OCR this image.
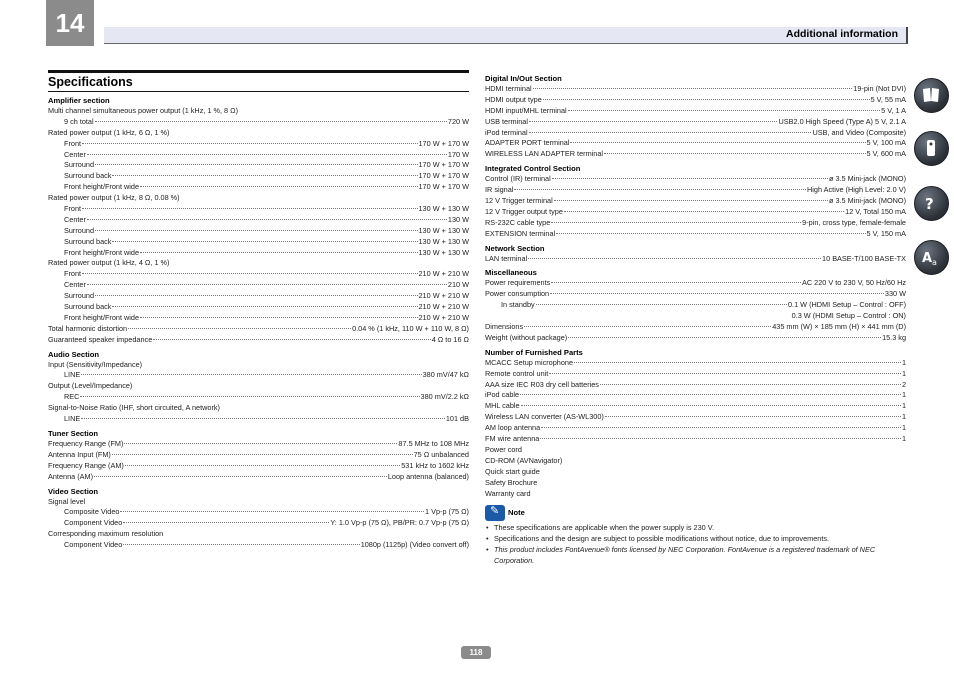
14	Additional information
Specifications
Amplifier section
Multi channel simultaneous power output (1 kHz, 1 %, 8 Ω)
9 ch total	720 W
Rated power output (1 kHz, 6 Ω, 1 %)
Front	170 W + 170 W
Center	170 W
Surround	170 W + 170 W
Surround back	170 W + 170 W
Front height/Front wide	170 W + 170 W
Rated power output (1 kHz, 8 Ω, 0.08 %)
Front	130 W + 130 W
Center	130 W
Surround	130 W + 130 W
Surround back	130 W + 130 W
Front height/Front wide	130 W + 130 W
Rated power output (1 kHz, 4 Ω, 1 %)
Front	210 W + 210 W
Center	210 W
Surround	210 W + 210 W
Surround back	210 W + 210 W
Front height/Front wide	210 W + 210 W
Total harmonic distortion	0.04 % (1 kHz, 110 W + 110 W, 8 Ω)
Guaranteed speaker impedance	4 Ω to 16 Ω
Audio Section
Input (Sensitivity/Impedance)
LINE	380 mV/47 kΩ
Output (Level/Impedance)
REC	380 mV/2.2 kΩ
Signal-to-Noise Ratio (IHF, short circuited, A network)
LINE	101 dB
Tuner Section
Frequency Range (FM)	87.5 MHz to 108 MHz
Antenna Input (FM)	75 Ω unbalanced
Frequency Range (AM)	531 kHz to 1602 kHz
Antenna (AM)	Loop antenna (balanced)
Video Section
Signal level
Composite Video	1 Vp-p (75 Ω)
Component Video	Y: 1.0 Vp-p (75 Ω), PB/PR: 0.7 Vp-p (75 Ω)
Corresponding maximum resolution
Component Video	1080p (1125p) (Video convert off)
Digital In/Out Section
HDMI terminal	19-pin (Not DVI)
HDMI output type	5 V, 55 mA
HDMI input/MHL terminal	5 V, 1 A
USB terminal	USB2.0 High Speed (Type A) 5 V, 2.1 A
iPod terminal	USB, and Video (Composite)
ADAPTER PORT terminal	5 V, 100 mA
WIRELESS LAN ADAPTER terminal	5 V, 600 mA
Integrated Control Section
Control (IR) terminal	ø 3.5 Mini-jack (MONO)
IR signal	High Active (High Level: 2.0 V)
12 V Trigger terminal	ø 3.5 Mini-jack (MONO)
12 V Trigger output type	12 V, Total 150 mA
RS-232C cable type	9-pin, cross type, female-female
EXTENSION terminal	5 V, 150 mA
Network Section
LAN terminal	10 BASE-T/100 BASE-TX
Miscellaneous
Power requirements	AC 220 V to 230 V, 50 Hz/60 Hz
Power consumption	330 W
In standby	0.1 W (HDMI Setup – Control : OFF)
0.3 W (HDMI Setup – Control : ON)
Dimensions	435 mm (W) × 185 mm (H) × 441 mm (D)
Weight (without package)	15.3 kg
Number of Furnished Parts
MCACC Setup microphone	1
Remote control unit	1
AAA size IEC R03 dry cell batteries	2
iPod cable	1
MHL cable	1
Wireless LAN converter (AS-WL300)	1
AM loop antenna	1
FM wire antenna	1
Power cord
CD-ROM (AVNavigator)
Quick start guide
Safety Brochure
Warranty card
✎
Note
• These specifications are applicable when the power supply is 230 V.
• Specifications and the design are subject to possible modifications without notice, due to improvements.
• This product includes FontAvenue® fonts licensed by NEC Corporation. FontAvenue is a registered trademark of NEC Corporation.
?
A a
118
